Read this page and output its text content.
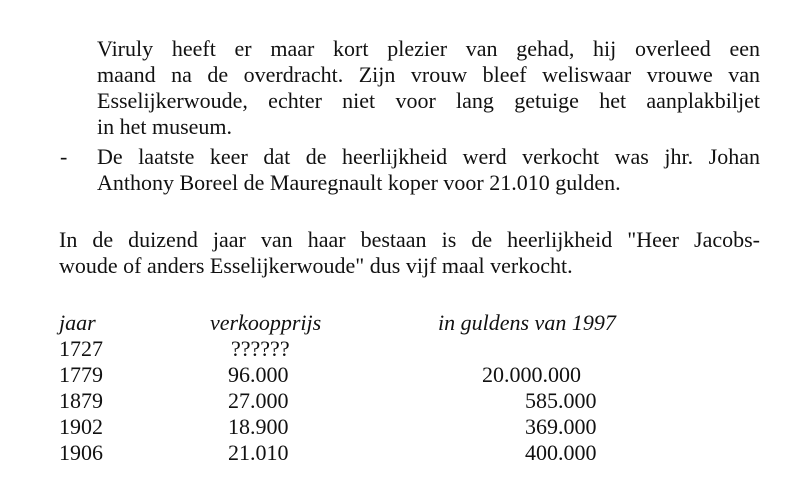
Viruly heeft er maar kort plezier van gehad, hij overleed een
maand na de overdracht. Zijn vrouw bleef weliswaar vrouwe van
Esselijkerwoude, echter niet voor lang getuige het aanplakbiljet
in het museum.
- De laatste keer dat de heerlijkheid werd verkocht was jhr. Johan
Anthony Boreel de Mauregnault koper voor 21.010 gulden.
In de duizend jaar van haar bestaan is de heerlijkheid "Heer Jacobs-
woude of anders Esselijkerwoude" dus vijf maal verkocht.
jaar	verkoopprijs	in guldens van 1997
1727	??????
1779	96.000	20.000.000
1879	27.000	585.000
1902	18.900	369.000
1906	21.010	400.000
